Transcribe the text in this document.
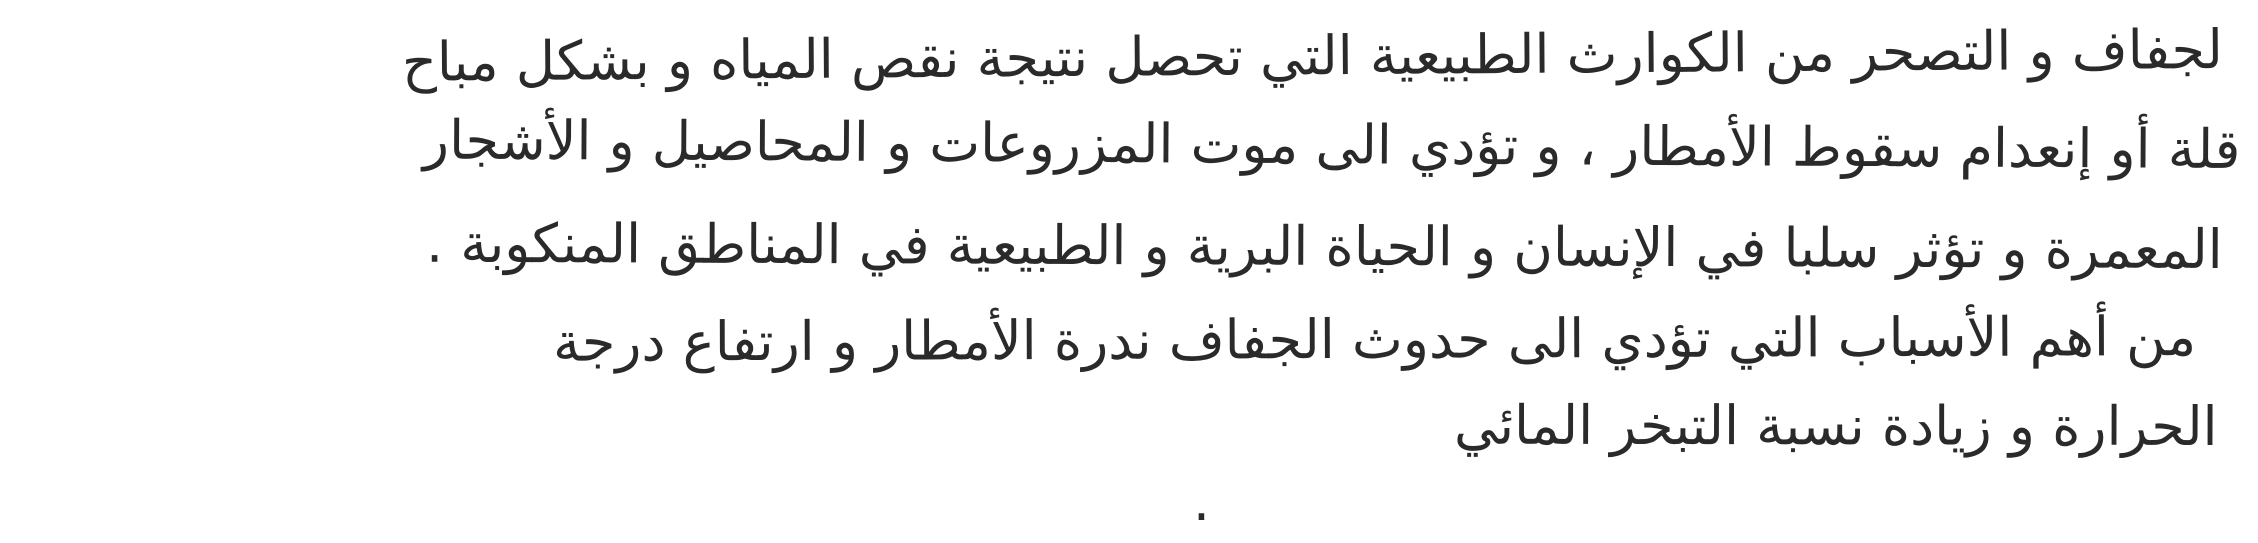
لجفاف و التصحر من الكوارث الطبيعية التي تحصل نتيجة نقص المياه و بشكل مباح
قلة أو إنعدام سقوط الأمطار ، و تؤدي الى موت المزروعات و المحاصيل و الأشجار
المعمرة و تؤثر سلبا في الإنسان و الحياة البرية و الطبيعية في المناطق المنكوبة .
من أهم الأسباب التي تؤدي الى حدوث الجفاف ندرة الأمطار و ارتفاع درجة
الحرارة و زيادة نسبة التبخر المائي
.
